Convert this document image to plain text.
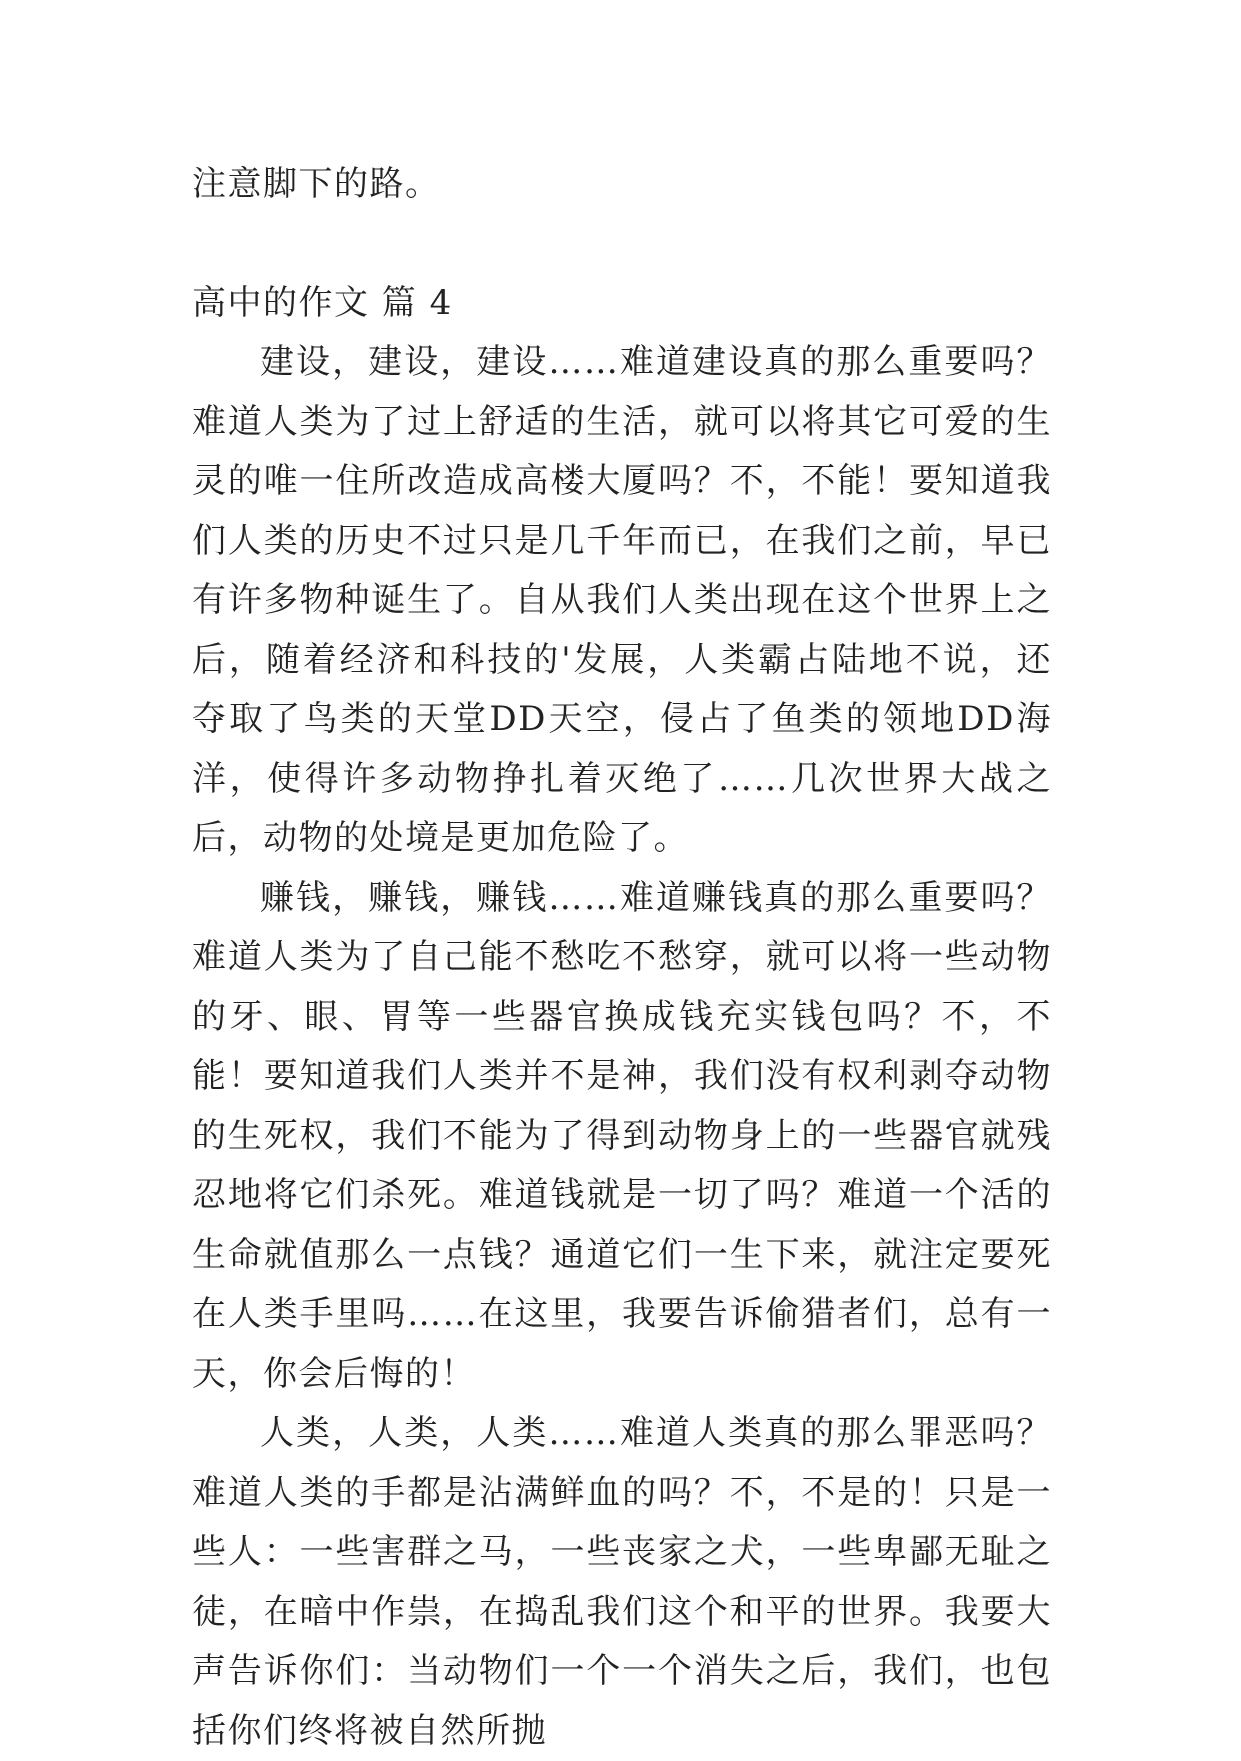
注意脚下的路。

高中的作文 篇 4

建设，建设，建设……难道建设真的那么重要吗？难道人类为了过上舒适的生活，就可以将其它可爱的生灵的唯一住所改造成高楼大厦吗？不，不能！要知道我们人类的历史不过只是几千年而已，在我们之前，早已有许多物种诞生了。自从我们人类出现在这个世界上之后，随着经济和科技的'发展，人类霸占陆地不说，还夺取了鸟类的天堂DD天空，侵占了鱼类的领地DD海洋，使得许多动物挣扎着灭绝了……几次世界大战之后，动物的处境是更加危险了。

赚钱，赚钱，赚钱……难道赚钱真的那么重要吗？难道人类为了自己能不愁吃不愁穿，就可以将一些动物的牙、眼、胃等一些器官换成钱充实钱包吗？不，不能！要知道我们人类并不是神，我们没有权利剥夺动物的生死权，我们不能为了得到动物身上的一些器官就残忍地将它们杀死。难道钱就是一切了吗？难道一个活的生命就值那么一点钱？通道它们一生下来，就注定要死在人类手里吗……在这里，我要告诉偷猎者们，总有一天，你会后悔的！

人类，人类，人类……难道人类真的那么罪恶吗？难道人类的手都是沾满鲜血的吗？不，不是的！只是一些人：一些害群之马，一些丧家之犬，一些卑鄙无耻之徒，在暗中作祟，在捣乱我们这个和平的世界。我要大声告诉你们：当动物们一个一个消失之后，我们，也包括你们终将被自然所抛
